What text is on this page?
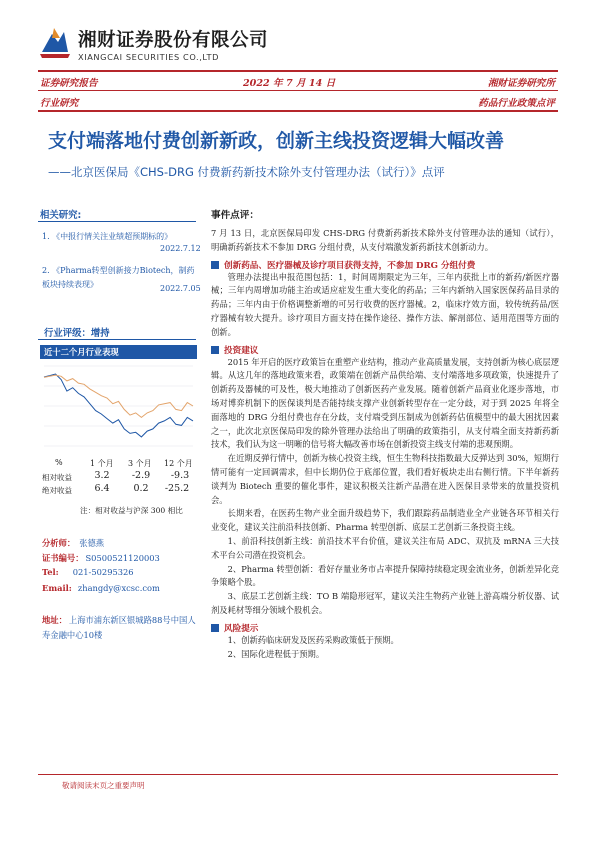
湘财证券股份有限公司
XIANGCAI SECURITIES CO.,LTD
证券研究报告	2022 年 7 月 14 日	湘财证券研究所
行业研究	药品行业政策点评
支付端落地付费创新新政，创新主线投资逻辑大幅改善
——北京医保局《CHS-DRG 付费新药新技术除外支付管理办法（试行）》点评
相关研究:
1. 《中报行情关注业绩超预期标的》
2022.7.12
2. 《Pharma转型创新接力Biotech，制药板块持续表现》	2022.7.05
行业评级：增持
近十二个月行业表现
%	1 个月 3 个月 12 个月
相对收益 3.2 -2.9 -9.3
绝对收益 6.4	0.2	-25.2
注：相对收益与沪深 300 相比
分析师： 张德燕
证书编号： S0500521120003
Tel: 021-50295326
Email: zhangdy@xcsc.com
地址： 上海市浦东新区银城路88号中国人寿金融中心10楼
事件点评：
7 月 13 日，北京医保局印发 CHS-DRG 付费新药新技术除外支付管理办法的通知（试行），明确新药新技术不参加 DRG 分组付费，从支付端激发新药新技术创新动力。
创新药品、医疗器械及诊疗项目获得支持，不参加 DRG 分组付费
管理办法提出申报范围包括：1，时间周期限定为三年，三年内获批上市的新药/新医疗器械；三年内周增加功能主治或适应症发生重大变化的药品；三年内新纳入国家医保药品目录的药品；三年内由于价格调整新增的可另行收费的医疗器械。2，临床疗效方面，较传统药品/医疗器械有较大提升。诊疗项目方面支持在操作途径、操作方法、解剖部位、适用范围等方面的创新。
投资建议
2015 年开启的医疗政策旨在重塑产业结构，推动产业高质量发展，支持创新为核心底层逻辑。从这几年的落地政策来看，政策端在创新产品供给端、支付端落地多项政策，快速提升了创新药及器械的可及性，极大地推动了创新医药产业发展。随着创新产品商业化逐步落地，市场对博弈机制下的医保谈判是否能持续支撑产业创新转型存在一定分歧，对于到 2025 年将全面落地的 DRG 分组付费也存在分歧，支付端受到压制成为创新药估值模型中的最大困扰因素之一，此次北京医保局印发的除外管理办法给出了明确的政策指引，从支付端全面支持新药新技术，我们认为这一明晰的信号将大幅改善市场在创新投资主线支付端的悲观预期。
在近期反弹行情中，创新为核心投资主线，恒生生物科技指数最大反弹达到 30%，短期行情可能有一定回调需求，但中长期仍位于底部位置，我们看好板块走出右侧行情。下半年新药谈判为 Biotech 重要的催化事件，建议积极关注新产品潜在进入医保目录带来的放量投资机会。
长期来看，在医药生物产业全面升级趋势下，我们跟踪药品制造业全产业链各环节相关行业变化，建议关注前沿科技创新、Pharma 转型创新、底层工艺创新三条投资主线。
1、前沿科技创新主线：前沿技术平台价值，建议关注布局 ADC、双抗及 mRNA 三大技术平台公司潜在投资机会。
2、Pharma 转型创新：看好存量业务市占率提升保障持续稳定现金流业务，创新差异化竞争策略个股。
3、底层工艺创新主线：TO B 端隐形冠军，建议关注生物药产业链上游高端分析仪器、试剂及耗材等细分领域个股机会。
风险提示
1、创新药临床研发及医药采购政策低于预期。
2、国际化进程低于预期。
敬请阅读末页之重要声明
